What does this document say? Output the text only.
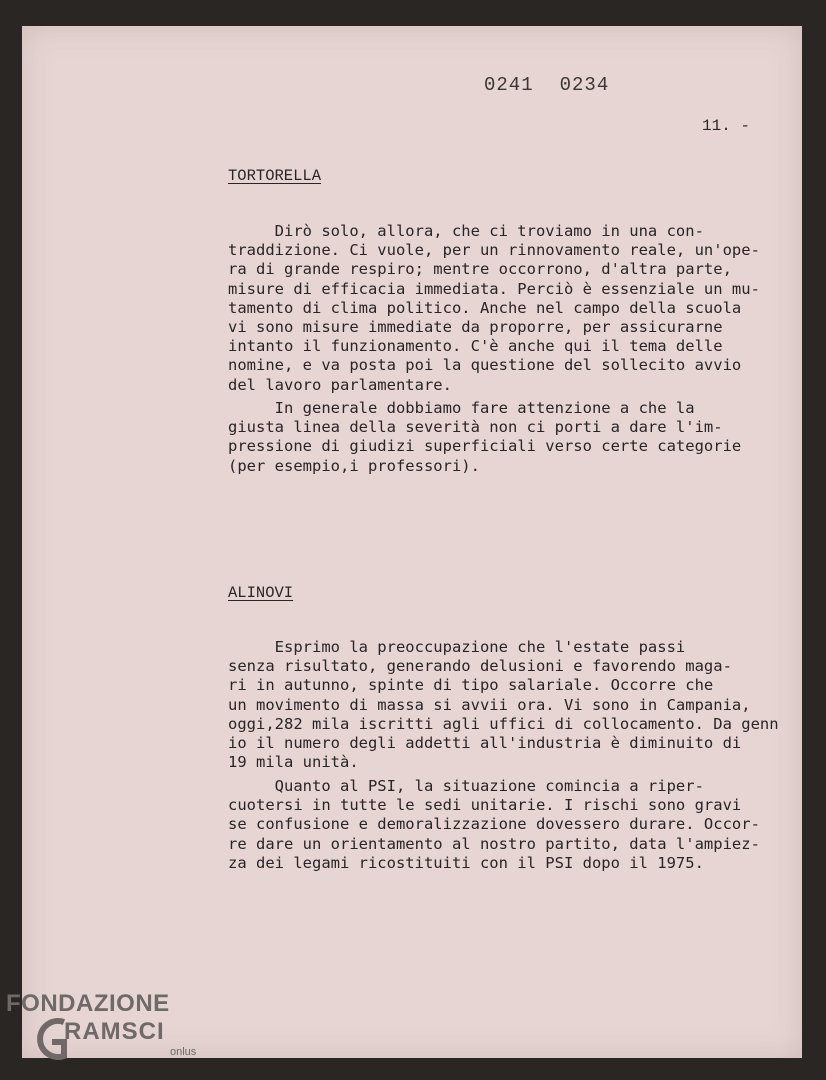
0241 0234
11. -
TORTORELLA
Dirò solo, allora, che ci troviamo in una con-
traddizione. Ci vuole, per un rinnovamento reale, un'ope-
ra di grande respiro; mentre occorrono, d'altra parte,
misure di efficacia immediata. Perciò è essenziale un mu-
tamento di clima politico. Anche nel campo della scuola
vi sono misure immediate da proporre, per assicurarne
intanto il funzionamento. C'è anche qui il tema delle
nomine, e va posta poi la questione del sollecito avvio
del lavoro parlamentare.
In generale dobbiamo fare attenzione a che la
giusta linea della severità non ci porti a dare l'im-
pressione di giudizi superficiali verso certe categorie
(per esempio,i professori).
ALINOVI
Esprimo la preoccupazione che l'estate passi
senza risultato, generando delusioni e favorendo maga-
ri in autunno, spinte di tipo salariale. Occorre che
un movimento di massa si avvii ora. Vi sono in Campania,
oggi,282 mila iscritti agli uffici di collocamento. Da genn
io il numero degli addetti all'industria è diminuito di
19 mila unità.
Quanto al PSI, la situazione comincia a riper-
cuotersi in tutte le sedi unitarie. I rischi sono gravi
se confusione e demoralizzazione dovessero durare. Occor-
re dare un orientamento al nostro partito, data l'ampiez-
za dei legami ricostituiti con il PSI dopo il 1975.
FONDAZIONE
RAMSCI
onlus
